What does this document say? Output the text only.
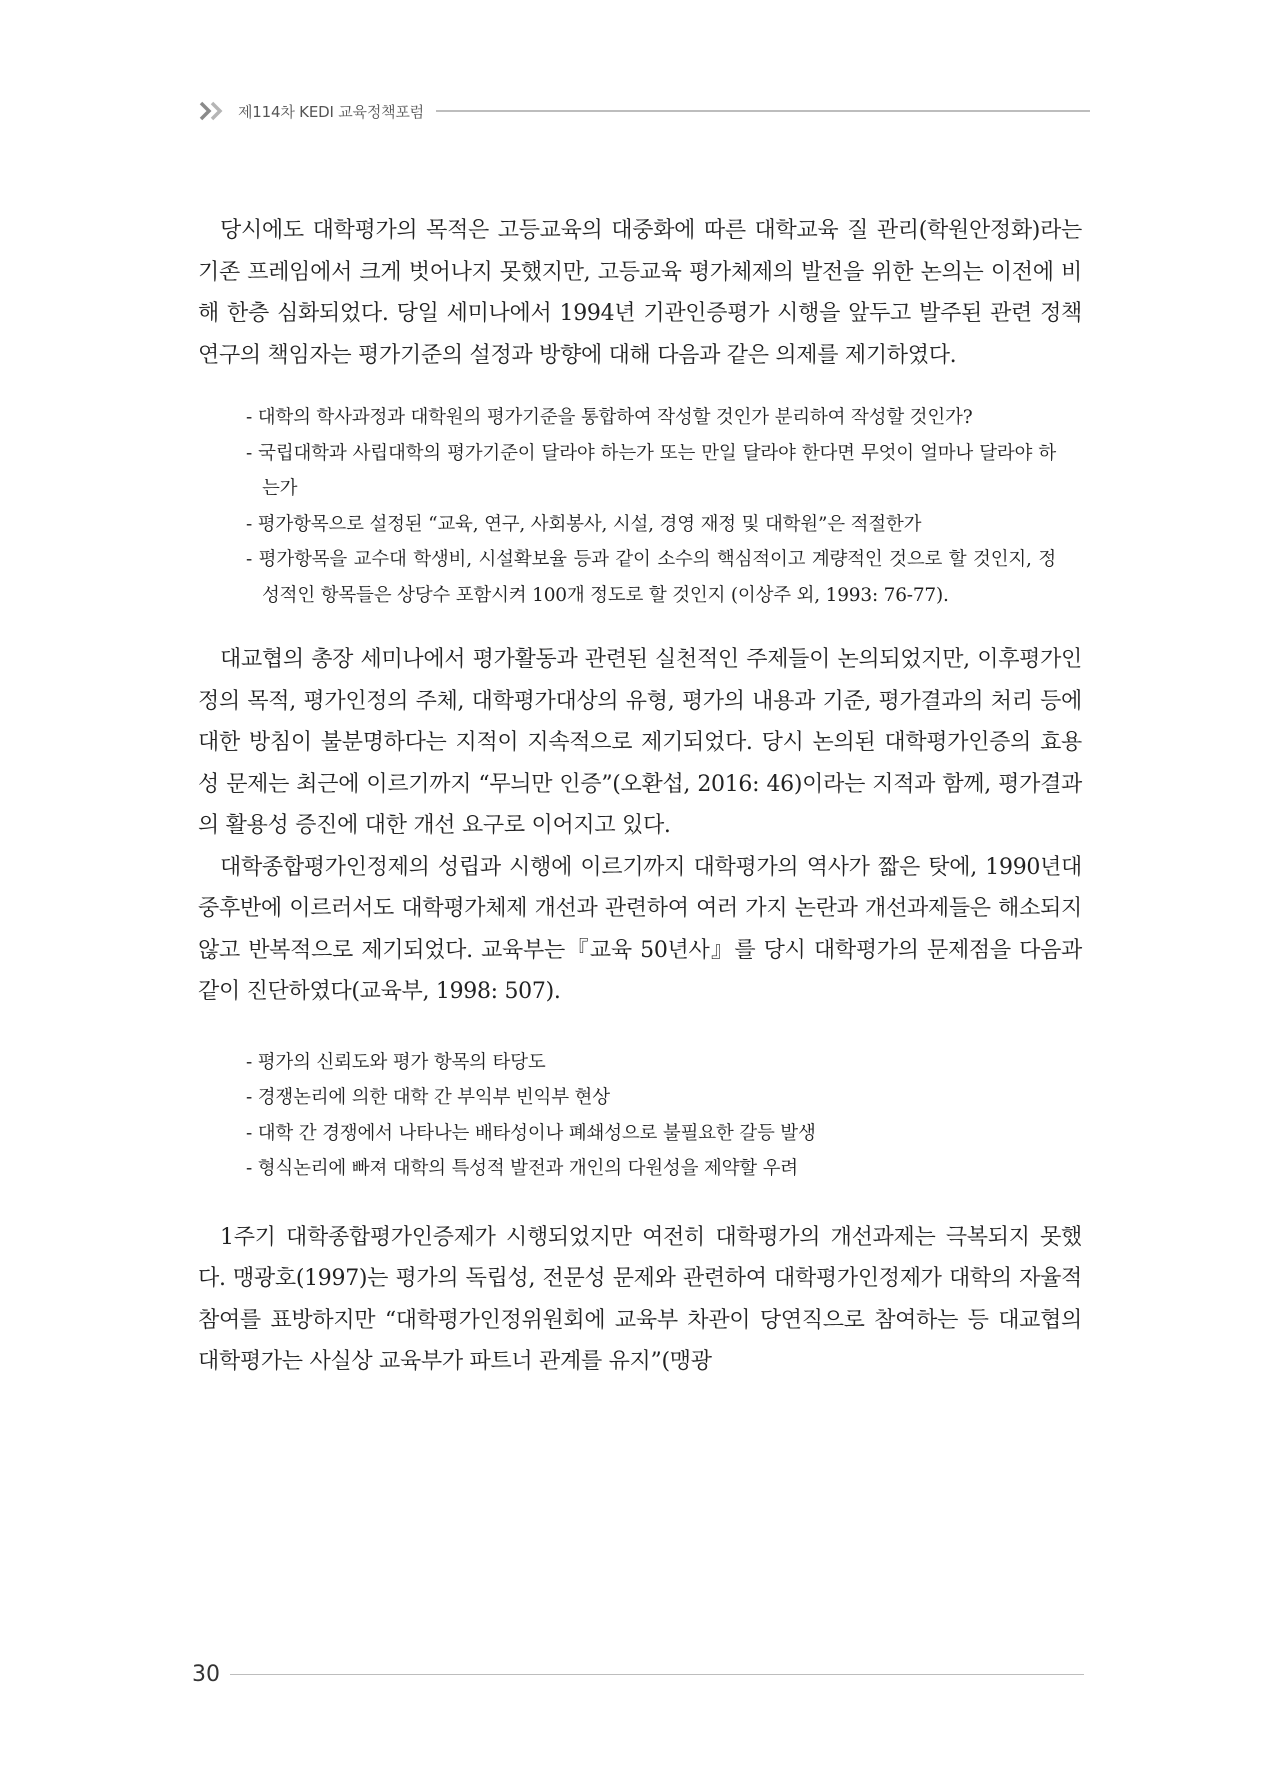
제114차 KEDI 교육정책포럼

당시에도 대학평가의 목적은 고등교육의 대중화에 따른 대학교육 질 관리(학원안정화)라는 기존 프레임에서 크게 벗어나지 못했지만, 고등교육 평가체제의 발전을 위한 논의는 이전에 비해 한층 심화되었다. 당일 세미나에서 1994년 기관인증평가 시행을 앞두고 발주된 관련 정책연구의 책임자는 평가기준의 설정과 방향에 대해 다음과 같은 의제를 제기하였다.

- 대학의 학사과정과 대학원의 평가기준을 통합하여 작성할 것인가 분리하여 작성할 것인가?
- 국립대학과 사립대학의 평가기준이 달라야 하는가 또는 만일 달라야 한다면 무엇이 얼마나 달라야 하는가
- 평가항목으로 설정된 “교육, 연구, 사회봉사, 시설, 경영 재정 및 대학원”은 적절한가
- 평가항목을 교수대 학생비, 시설확보율 등과 같이 소수의 핵심적이고 계량적인 것으로 할 것인지, 정성적인 항목들은 상당수 포함시켜 100개 정도로 할 것인지 (이상주 외, 1993: 76-77).

대교협의 총장 세미나에서 평가활동과 관련된 실천적인 주제들이 논의되었지만, 이후평가인정의 목적, 평가인정의 주체, 대학평가대상의 유형, 평가의 내용과 기준, 평가결과의 처리 등에 대한 방침이 불분명하다는 지적이 지속적으로 제기되었다. 당시 논의된 대학평가인증의 효용성 문제는 최근에 이르기까지 “무늬만 인증”(오환섭, 2016: 46)이라는 지적과 함께, 평가결과의 활용성 증진에 대한 개선 요구로 이어지고 있다.

대학종합평가인정제의 성립과 시행에 이르기까지 대학평가의 역사가 짧은 탓에, 1990년대 중후반에 이르러서도 대학평가체제 개선과 관련하여 여러 가지 논란과 개선과제들은 해소되지 않고 반복적으로 제기되었다. 교육부는『교육 50년사』를 당시 대학평가의 문제점을 다음과 같이 진단하였다(교육부, 1998: 507).

- 평가의 신뢰도와 평가 항목의 타당도
- 경쟁논리에 의한 대학 간 부익부 빈익부 현상
- 대학 간 경쟁에서 나타나는 배타성이나 폐쇄성으로 불필요한 갈등 발생
- 형식논리에 빠져 대학의 특성적 발전과 개인의 다원성을 제약할 우려

1주기 대학종합평가인증제가 시행되었지만 여전히 대학평가의 개선과제는 극복되지 못했다. 맹광호(1997)는 평가의 독립성, 전문성 문제와 관련하여 대학평가인정제가 대학의 자율적 참여를 표방하지만 “대학평가인정위원회에 교육부 차관이 당연직으로 참여하는 등 대교협의 대학평가는 사실상 교육부가 파트너 관계를 유지”(맹광

30
